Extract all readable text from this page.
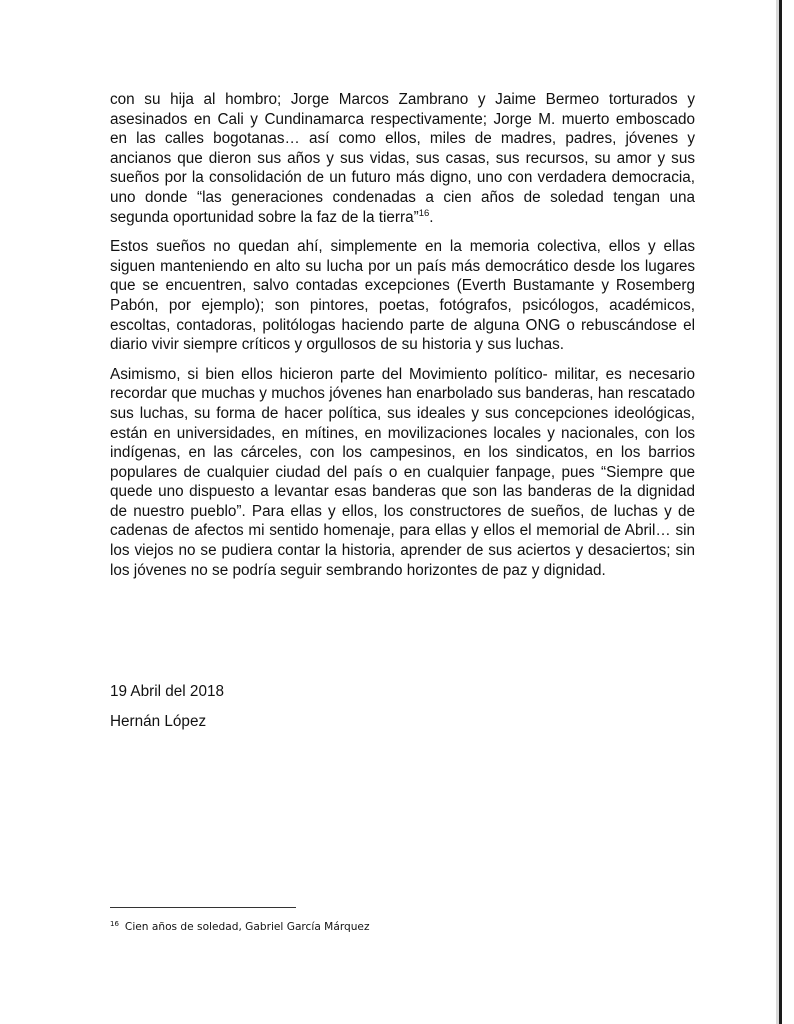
con su hija al hombro; Jorge Marcos Zambrano y Jaime Bermeo torturados y asesinados en Cali y Cundinamarca respectivamente; Jorge M. muerto emboscado en las calles bogotanas… así como ellos, miles de madres, padres, jóvenes y ancianos que dieron sus años y sus vidas, sus casas, sus recursos, su amor y sus sueños por la consolidación de un futuro más digno, uno con verdadera democracia, uno donde “las generaciones condenadas a cien años de soledad tengan una segunda oportunidad sobre la faz de la tierra”$^{16}$.

Estos sueños no quedan ahí, simplemente en la memoria colectiva, ellos y ellas siguen manteniendo en alto su lucha por un país más democrático desde los lugares que se encuentren, salvo contadas excepciones (Everth Bustamante y Rosemberg Pabón, por ejemplo); son pintores, poetas, fotógrafos, psicólogos, académicos, escoltas, contadoras, politólogas haciendo parte de alguna ONG o rebuscándose el diario vivir siempre críticos y orgullosos de su historia y sus luchas.

Asimismo, si bien ellos hicieron parte del Movimiento político- militar, es necesario recordar que muchas y muchos jóvenes han enarbolado sus banderas, han rescatado sus luchas, su forma de hacer política, sus ideales y sus concepciones ideológicas, están en universidades, en mítines, en movilizaciones locales y nacionales, con los indígenas, en las cárceles, con los campesinos, en los sindicatos, en los barrios populares de cualquier ciudad del país o en cualquier fanpage, pues “Siempre que quede uno dispuesto a levantar esas banderas que son las banderas de la dignidad de nuestro pueblo”. Para ellas y ellos, los constructores de sueños, de luchas y de cadenas de afectos mi sentido homenaje, para ellas y ellos el memorial de Abril… sin los viejos no se pudiera contar la historia, aprender de sus aciertos y desaciertos; sin los jóvenes no se podría seguir sembrando horizontes de paz y dignidad.

19 Abril del 2018
Hernán López
$^{16}$ Cien años de soledad, Gabriel García Márquez
